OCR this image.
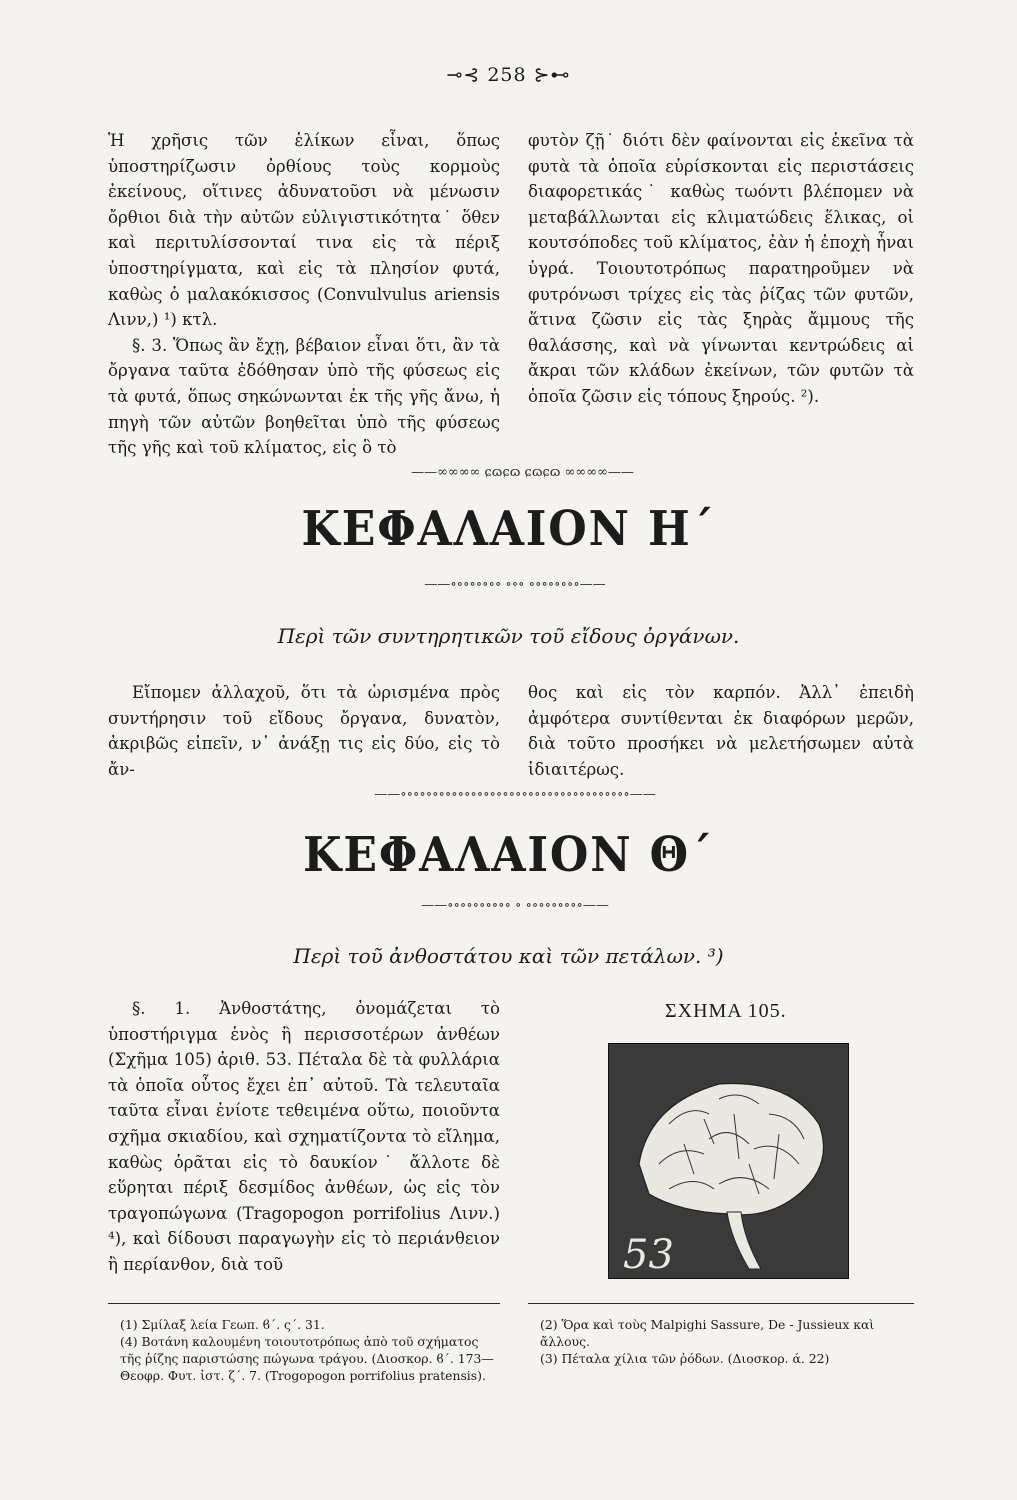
⊸⊰ 258 ⊱⊷

Ἡ χρῆσις τῶν ἑλίκων εἶναι, ὅπως ὑποστηρίζωσιν ὀρθίους τοὺς κορμοὺς ἐκείνους, οἵτινες ἀδυνατοῦσι νὰ μένωσιν ὄρθιοι διὰ τὴν αὐτῶν εὐλιγιστικότητα˙ ὅθεν καὶ περιτυλίσσονταί τινα εἰς τὰ πέριξ ὑποστηρίγματα, καὶ εἰς τὰ πλησίον φυτά, καθὼς ὁ μαλακόκισσος (Convulvulus ariensis Λινν,) ¹) κτλ.

§. 3. Ὅπως ἂν ἔχῃ, βέβαιον εἶναι ὅτι, ἂν τὰ ὄργανα ταῦτα ἐδόθησαν ὑπὸ τῆς φύσεως εἰς τὰ φυτά, ὅπως σηκώνωνται ἐκ τῆς γῆς ἄνω, ἡ πηγὴ τῶν αὐτῶν βοηθεῖται ὑπὸ τῆς φύσεως τῆς γῆς καὶ τοῦ κλίματος, εἰς ὃ τὸ

φυτὸν ζῇ˙ διότι δὲν φαίνονται εἰς ἐκεῖνα τὰ φυτὰ τὰ ὁποῖα εὑρίσκονται εἰς περιστάσεις διαφορετικάς˙ καθὼς τωόντι βλέπομεν νὰ μεταβάλλωνται εἰς κλιματώδεις ἕλικας, οἱ κουτσόποδες τοῦ κλίματος, ἐὰν ἡ ἐποχὴ ἦναι ὑγρά. Τοιουτοτρόπως παρατηροῦμεν νὰ φυτρόνωσι τρίχες εἰς τὰς ῥίζας τῶν φυτῶν, ἅτινα ζῶσιν εἰς τὰς ξηρὰς ἄμμους τῆς θαλάσσης, καὶ νὰ γίνωνται κεντρώδεις αἱ ἄκραι τῶν κλάδων ἐκείνων, τῶν φυτῶν τὰ ὁποῖα ζῶσιν εἰς τόπους ξηρούς. ²).

——∞∞∞∞ ɕɷɕɷ ɕɷɕɷ ∞∞∞∞——
ΚΕΦΑΛΑΙΟΝ Η΄
——∘∘∘∘∘∘∘∘ ∘∘∘ ∘∘∘∘∘∘∘∘——
Περὶ τῶν συντηρητικῶν τοῦ εἴδους ὀργάνων.

Εἴπομεν ἀλλαχοῦ, ὅτι τὰ ὡρισμένα πρὸς συντήρησιν τοῦ εἴδους ὄργανα, δυνατὸν, ἀκριβῶς εἰπεῖν, ν᾽ ἀνάξῃ τις εἰς δύο, εἰς τὸ ἄν-

θος καὶ εἰς τὸν καρπόν. Ἀλλ᾽ ἐπειδὴ ἀμφότερα συντίθενται ἐκ διαφόρων μερῶν, διὰ τοῦτο προσήκει νὰ μελετήσωμεν αὐτὰ ἰδιαιτέρως.

——∘∘∘∘∘∘∘∘∘∘∘∘∘∘∘∘∘∘∘∘∘∘∘∘∘∘∘∘∘∘∘∘∘∘∘∘——
ΚΕΦΑΛΑΙΟΝ Θ΄
——∘∘∘∘∘∘∘∘∘∘ ∘ ∘∘∘∘∘∘∘∘∘——
Περὶ τοῦ ἀνθοστάτου καὶ τῶν πετάλων. ³)

§. 1. Ἀνθοστάτης, ὀνομάζεται τὸ ὑποστήριγμα ἑνὸς ἢ περισσοτέρων ἀνθέων (Σχῆμα 105) ἀριθ. 53. Πέταλα δὲ τὰ φυλλάρια τὰ ὁποῖα οὗτος ἔχει ἐπ᾽ αὐτοῦ. Τὰ τελευταῖα ταῦτα εἶναι ἐνίοτε τεθειμένα οὕτω, ποιοῦντα σχῆμα σκιαδίου, καὶ σχηματίζοντα τὸ εἴλημα, καθὼς ὁρᾶται εἰς τὸ δαυκίον˙ ἄλλοτε δὲ εὕρηται πέριξ δεσμίδος ἀνθέων, ὡς εἰς τὸν τραγοπώγωνα (Tragopogon porrifolius Λινν.) ⁴), καὶ δίδουσι παραγωγὴν εἰς τὸ περιάνθειον ἢ περίανθον, διὰ τοῦ

ΣΧΗΜΑ 105.
53

(1) Σμίλαξ λεία Γεωπ. ϐ΄. ς΄. 31.

(4) Βοτάνη καλουμένη τοιουτοτρόπως ἀπὸ τοῦ σχήματος τῆς ῥίζης παριστώσης πώγωνα τράγου. (Διοσκορ. ϐ΄. 173— Θεοφρ. Φυτ. ἱστ. ζ΄. 7. (Trogopogon porrifolius pratensis).

(2) Ὅρα καὶ τοὺς Malpighi Sassure, De - Jussieux καὶ ἄλλους.

(3) Πέταλα χίλια τῶν ῥόδων. (Διοσκορ. ά. 22)
